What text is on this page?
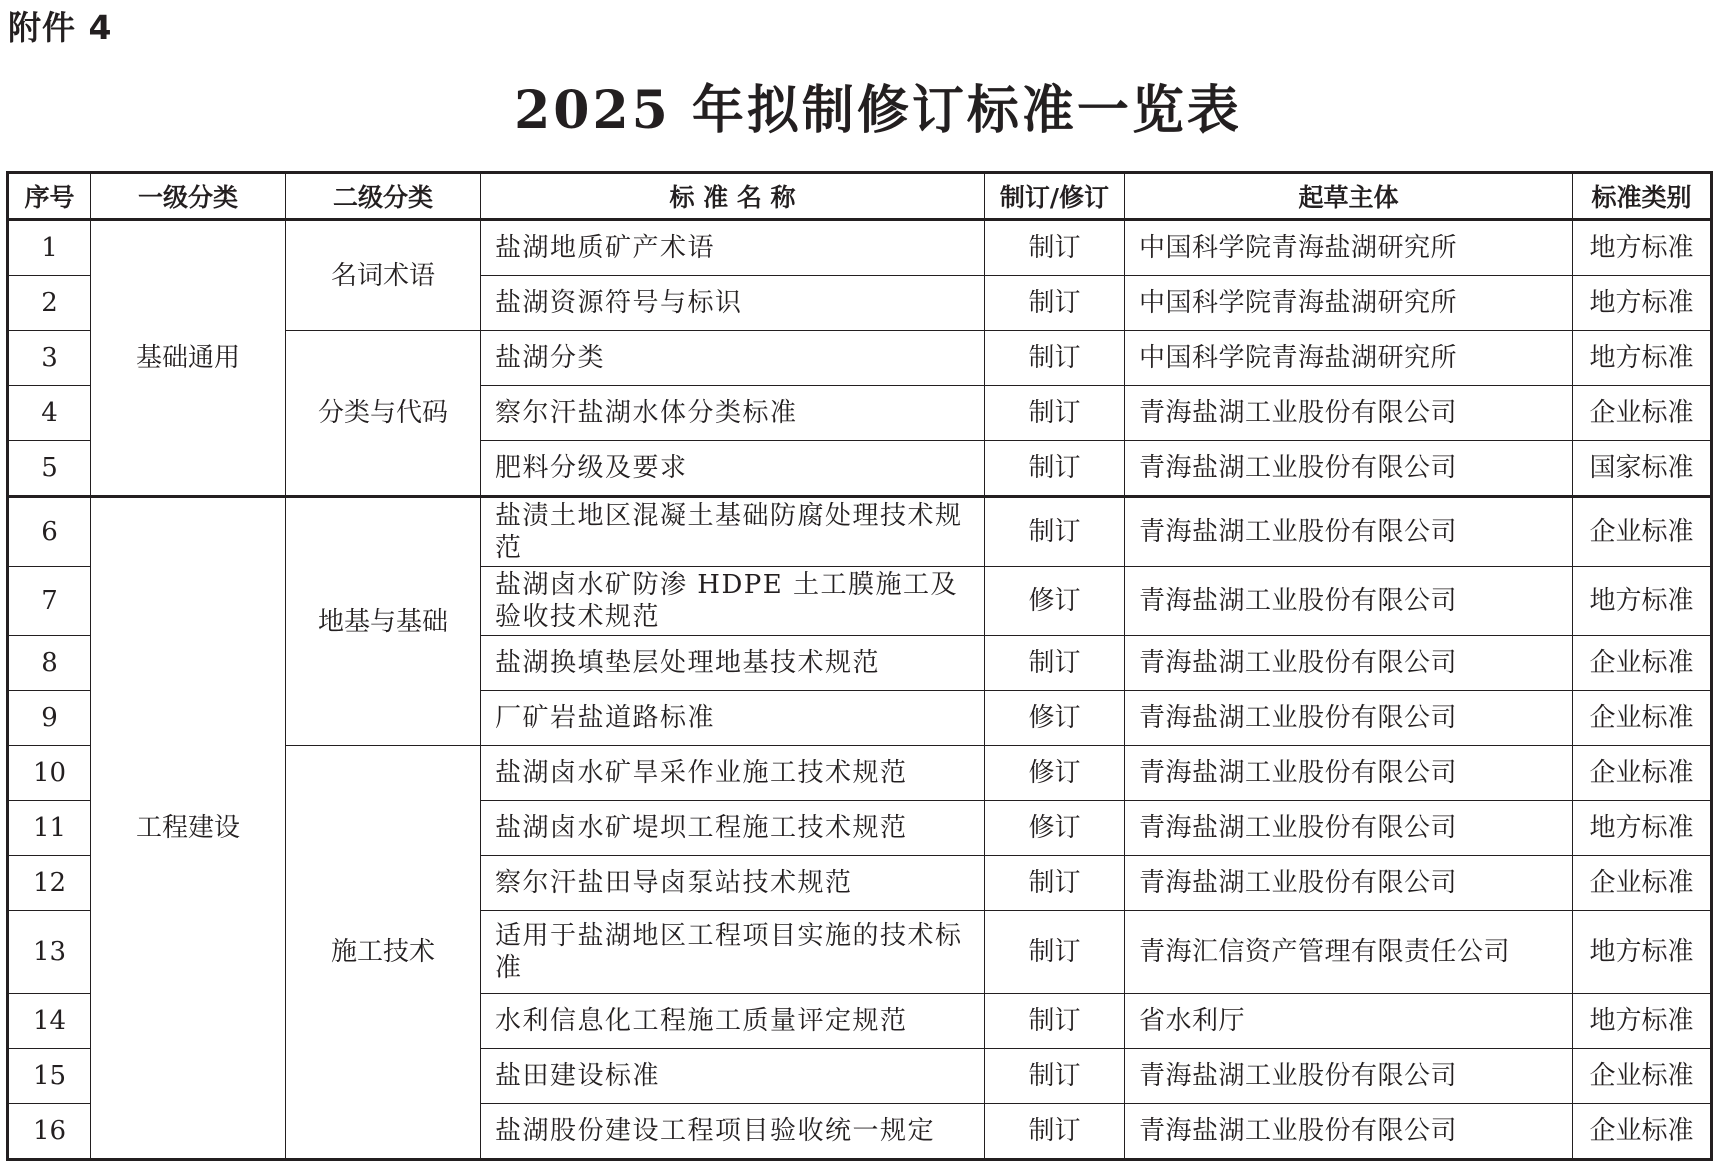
附件 4
2025 年拟制修订标准一览表
序号	一级分类	二级分类	标 准 名 称	制订/修订	起草主体	标准类别
1	基础通用	名词术语	盐湖地质矿产术语	制订	中国科学院青海盐湖研究所	地方标准
2			盐湖资源符号与标识	制订	中国科学院青海盐湖研究所	地方标准
3		分类与代码	盐湖分类	制订	中国科学院青海盐湖研究所	地方标准
4			察尔汗盐湖水体分类标准	制订	青海盐湖工业股份有限公司	企业标准
5			肥料分级及要求	制订	青海盐湖工业股份有限公司	国家标准
6	工程建设	地基与基础	盐渍土地区混凝土基础防腐处理技术规范	制订	青海盐湖工业股份有限公司	企业标准
7			盐湖卤水矿防渗 HDPE 土工膜施工及验收技术规范	修订	青海盐湖工业股份有限公司	地方标准
8			盐湖换填垫层处理地基技术规范	制订	青海盐湖工业股份有限公司	企业标准
9			厂矿岩盐道路标准	修订	青海盐湖工业股份有限公司	企业标准
10		施工技术	盐湖卤水矿旱采作业施工技术规范	修订	青海盐湖工业股份有限公司	企业标准
11			盐湖卤水矿堤坝工程施工技术规范	修订	青海盐湖工业股份有限公司	地方标准
12			察尔汗盐田导卤泵站技术规范	制订	青海盐湖工业股份有限公司	企业标准
13			适用于盐湖地区工程项目实施的技术标准	制订	青海汇信资产管理有限责任公司	地方标准
14			水利信息化工程施工质量评定规范	制订	省水利厅	地方标准
15			盐田建设标准	制订	青海盐湖工业股份有限公司	企业标准
16			盐湖股份建设工程项目验收统一规定	制订	青海盐湖工业股份有限公司	企业标准
